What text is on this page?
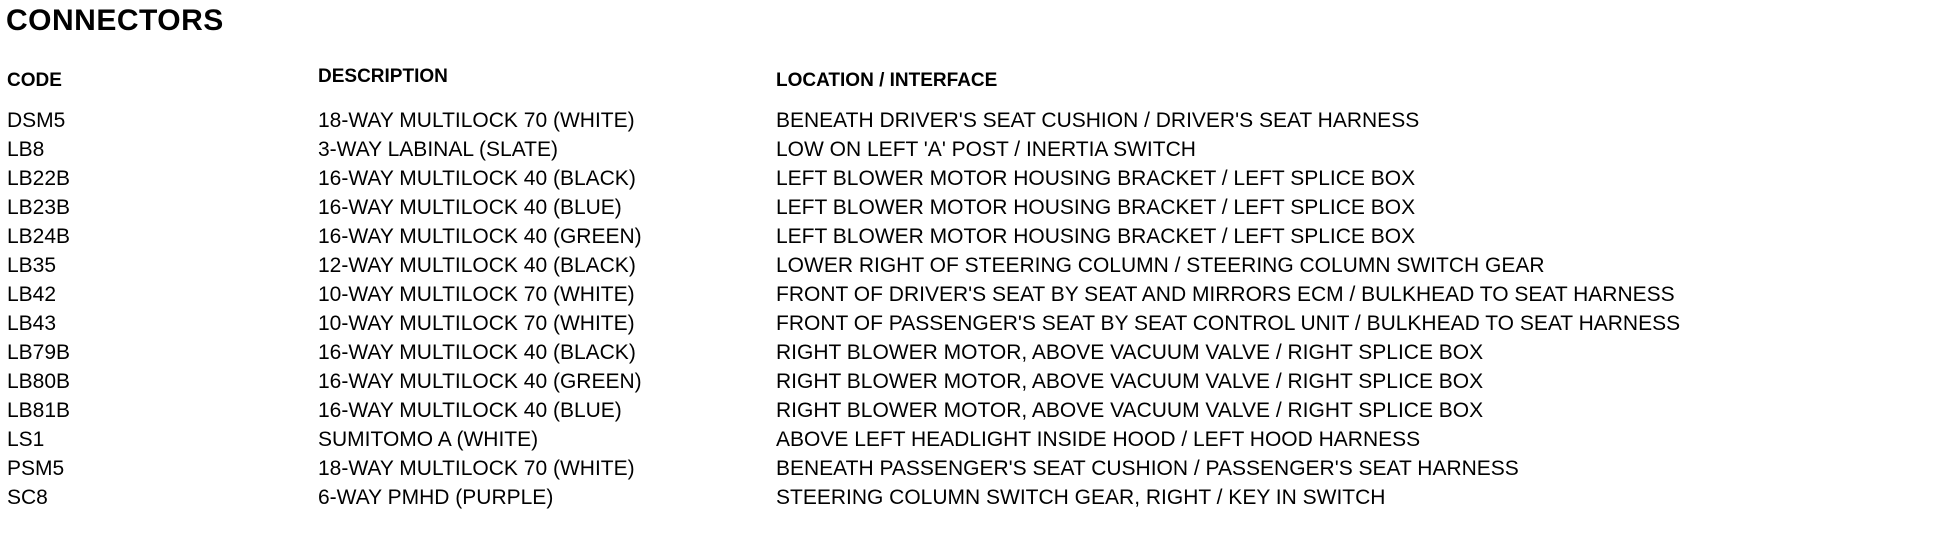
CONNECTORS
CODE	DESCRIPTION	LOCATION / INTERFACE
DSM5	18-WAY MULTILOCK 70 (WHITE)	BENEATH DRIVER'S SEAT CUSHION / DRIVER'S SEAT HARNESS
LB8	3-WAY LABINAL (SLATE)	LOW ON LEFT 'A' POST / INERTIA SWITCH
LB22B	16-WAY MULTILOCK 40 (BLACK)	LEFT BLOWER MOTOR HOUSING BRACKET / LEFT SPLICE BOX
LB23B	16-WAY MULTILOCK 40 (BLUE)	LEFT BLOWER MOTOR HOUSING BRACKET / LEFT SPLICE BOX
LB24B	16-WAY MULTILOCK 40 (GREEN)	LEFT BLOWER MOTOR HOUSING BRACKET / LEFT SPLICE BOX
LB35	12-WAY MULTILOCK 40 (BLACK)	LOWER RIGHT OF STEERING COLUMN / STEERING COLUMN SWITCH GEAR
LB42	10-WAY MULTILOCK 70 (WHITE)	FRONT OF DRIVER'S SEAT BY SEAT AND MIRRORS ECM / BULKHEAD TO SEAT HARNESS
LB43	10-WAY MULTILOCK 70 (WHITE)	FRONT OF PASSENGER'S SEAT BY SEAT CONTROL UNIT / BULKHEAD TO SEAT HARNESS
LB79B	16-WAY MULTILOCK 40 (BLACK)	RIGHT BLOWER MOTOR, ABOVE VACUUM VALVE / RIGHT SPLICE BOX
LB80B	16-WAY MULTILOCK 40 (GREEN)	RIGHT BLOWER MOTOR, ABOVE VACUUM VALVE / RIGHT SPLICE BOX
LB81B	16-WAY MULTILOCK 40 (BLUE)	RIGHT BLOWER MOTOR, ABOVE VACUUM VALVE / RIGHT SPLICE BOX
LS1	SUMITOMO A (WHITE)	ABOVE LEFT HEADLIGHT INSIDE HOOD / LEFT HOOD HARNESS
PSM5	18-WAY MULTILOCK 70 (WHITE)	BENEATH PASSENGER'S SEAT CUSHION / PASSENGER'S SEAT HARNESS
SC8	6-WAY PMHD (PURPLE)	STEERING COLUMN SWITCH GEAR, RIGHT / KEY IN SWITCH
